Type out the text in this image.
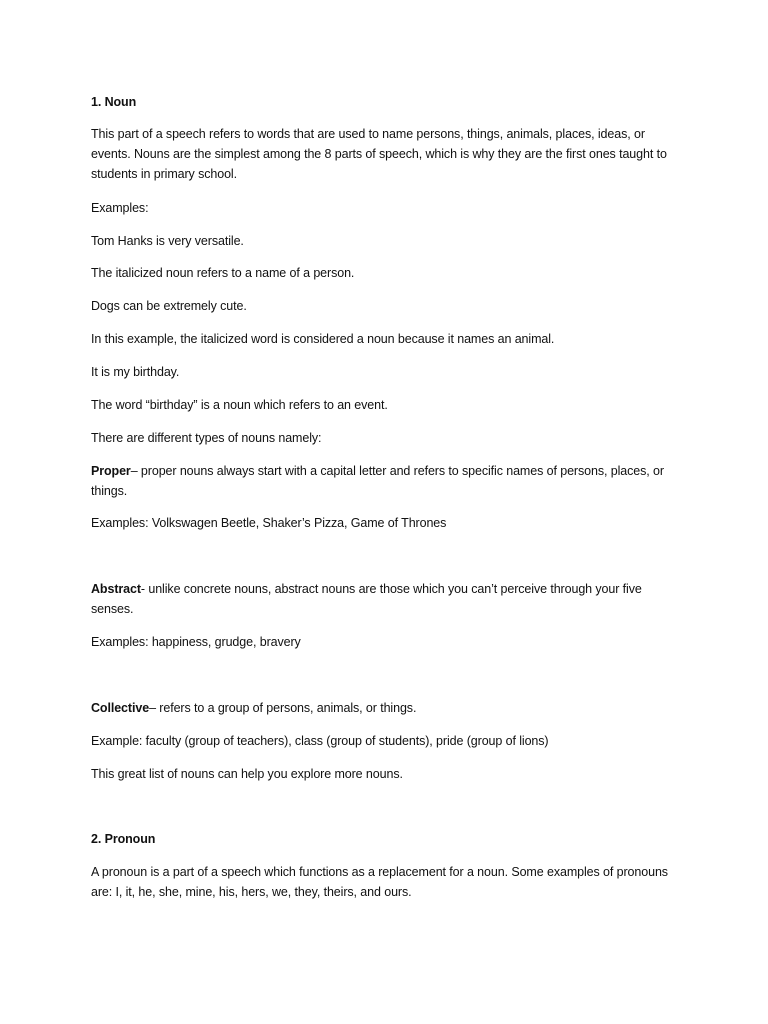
1. Noun

This part of a speech refers to words that are used to name persons, things, animals, places, ideas, or events. Nouns are the simplest among the 8 parts of speech, which is why they are the first ones taught to students in primary school.

Examples:

Tom Hanks is very versatile.

The italicized noun refers to a name of a person.

Dogs can be extremely cute.

In this example, the italicized word is considered a noun because it names an animal.

It is my birthday.

The word “birthday” is a noun which refers to an event.

There are different types of nouns namely:

Proper– proper nouns always start with a capital letter and refers to specific names of persons, places, or things.

Examples: Volkswagen Beetle, Shaker’s Pizza, Game of Thrones

Abstract- unlike concrete nouns, abstract nouns are those which you can’t perceive through your five senses.

Examples: happiness, grudge, bravery

Collective– refers to a group of persons, animals, or things.

Example: faculty (group of teachers), class (group of students), pride (group of lions)

This great list of nouns can help you explore more nouns.

2. Pronoun

A pronoun is a part of a speech which functions as a replacement for a noun. Some examples of pronouns are: I, it, he, she, mine, his, hers, we, they, theirs, and ours.
